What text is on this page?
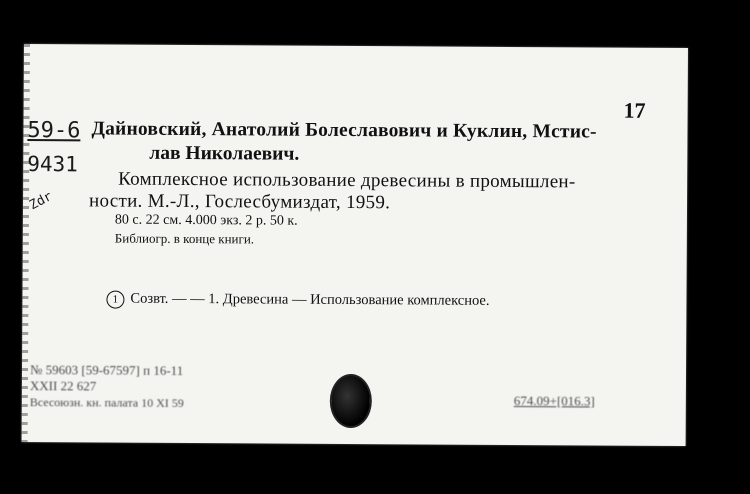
17
59-6
9431
Zdr
Дайновский, Анатолий Болеславович и Куклин, Мстис-
лав Николаевич.
Комплексное использование древесины в промышлен-
ности. М.-Л., Гослесбумиздат, 1959.
80 с. 22 см. 4.000 экз. 2 р. 50 к.
Библиогр. в конце книги.
1 Созвт. — — 1. Древесина — Использование комплексное.
№ 59603 [59-67597] п 16-11
XXII 22 627
Всесоюзн. кн. палата 10 XI 59	674.09+[016.3]
